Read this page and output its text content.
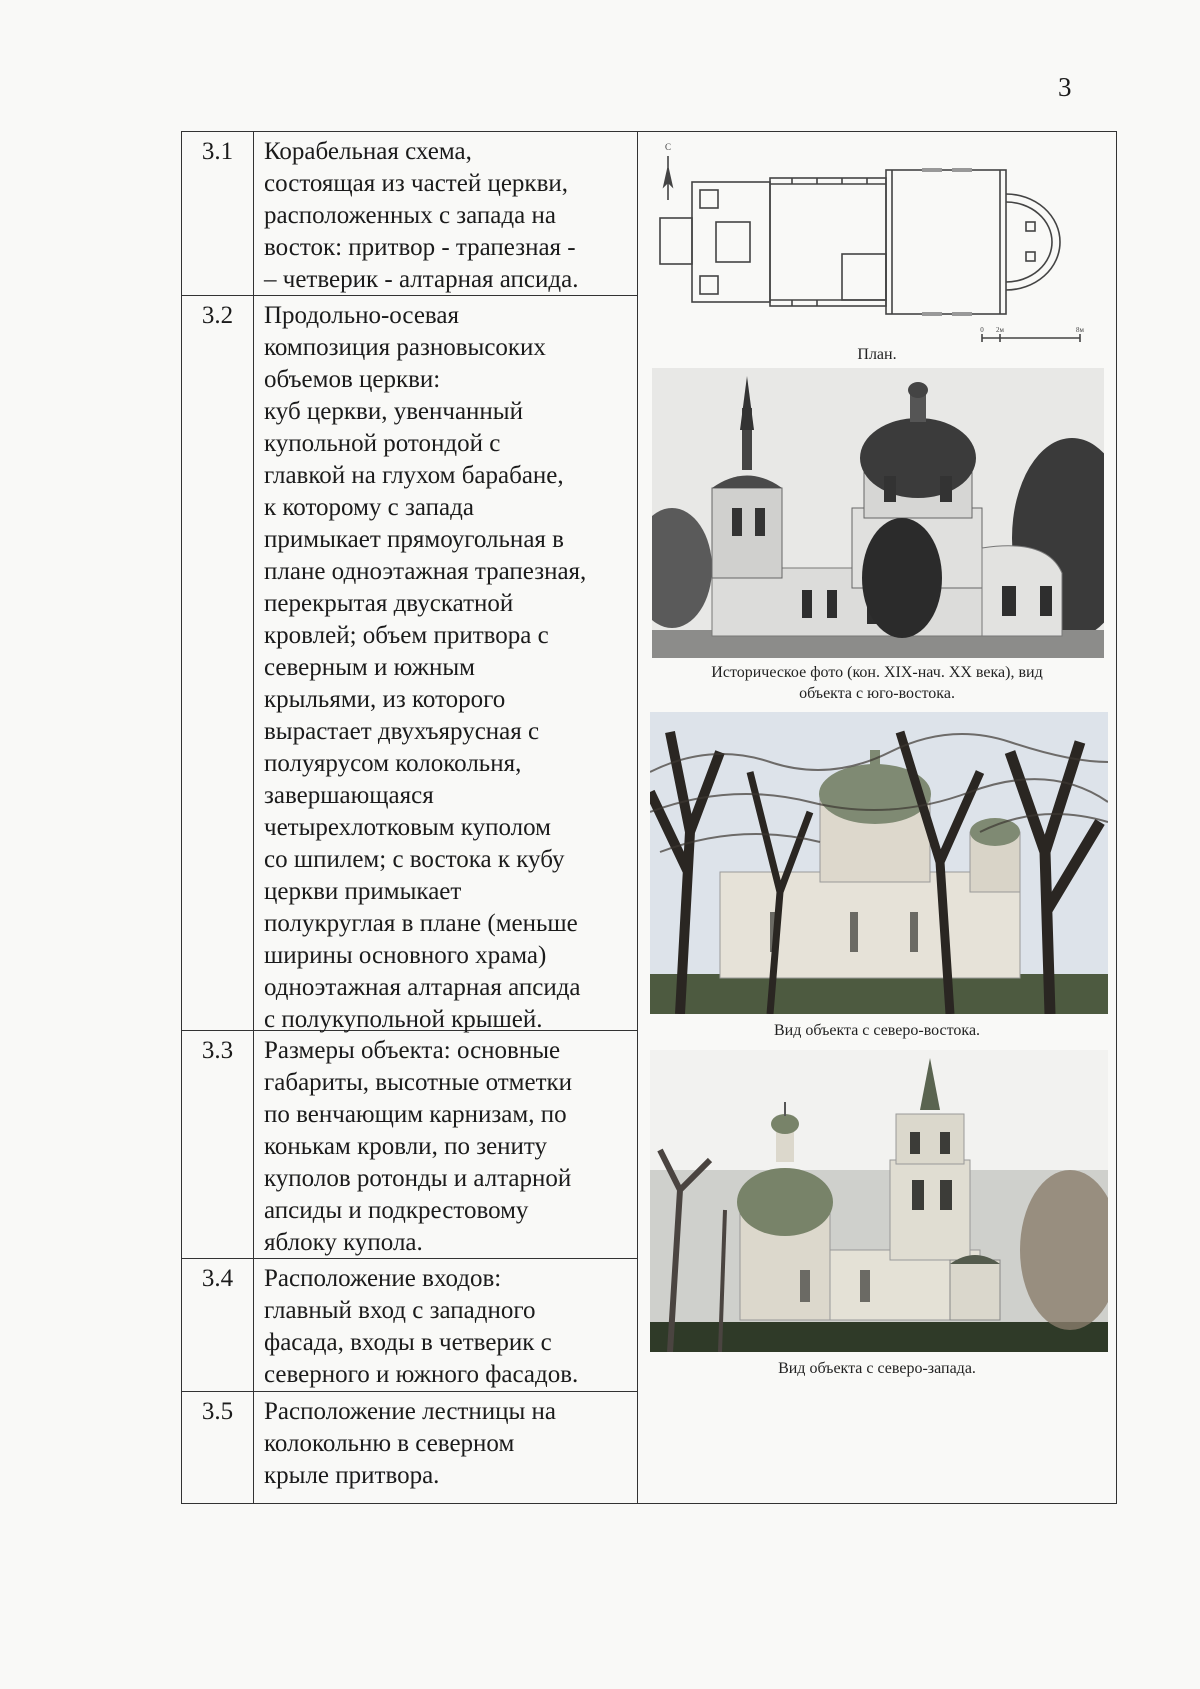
3
3.1
3.2
3.3
3.4
3.5
Корабельная схема,
состоящая из частей церкви,
расположенных с запада на
восток: притвор - трапезная -
– четверик - алтарная апсида.
Продольно-осевая
композиция разновысоких
объемов церкви:
куб церкви, увенчанный
купольной ротондой с
главкой на глухом барабане,
к которому с запада
примыкает прямоугольная в
плане одноэтажная трапезная,
перекрытая двускатной
кровлей; объем притвора с
северным и южным
крыльями, из которого
вырастает двухъярусная с
полуярусом колокольня,
завершающаяся
четырехлотковым куполом
со шпилем; с востока к кубу
церкви примыкает
полукруглая в плане (меньше
ширины основного храма)
одноэтажная алтарная апсида
с полукупольной крышей.
Размеры объекта: основные
габариты, высотные отметки
по венчающим карнизам, по
конькам кровли, по зениту
куполов ротонды и алтарной
апсиды и подкрестовому
яблоку купола.
Расположение входов:
главный вход с западного
фасада, входы в четверик с
северного и южного фасадов.
Расположение лестницы на
колокольню в северном
крыле притвора.
С
0 2м	8м
План.
Историческое фото (кон. XIX-нач. XX века), вид
объекта с юго-востока.
Вид объекта с северо-востока.
Вид объекта с северо-запада.
